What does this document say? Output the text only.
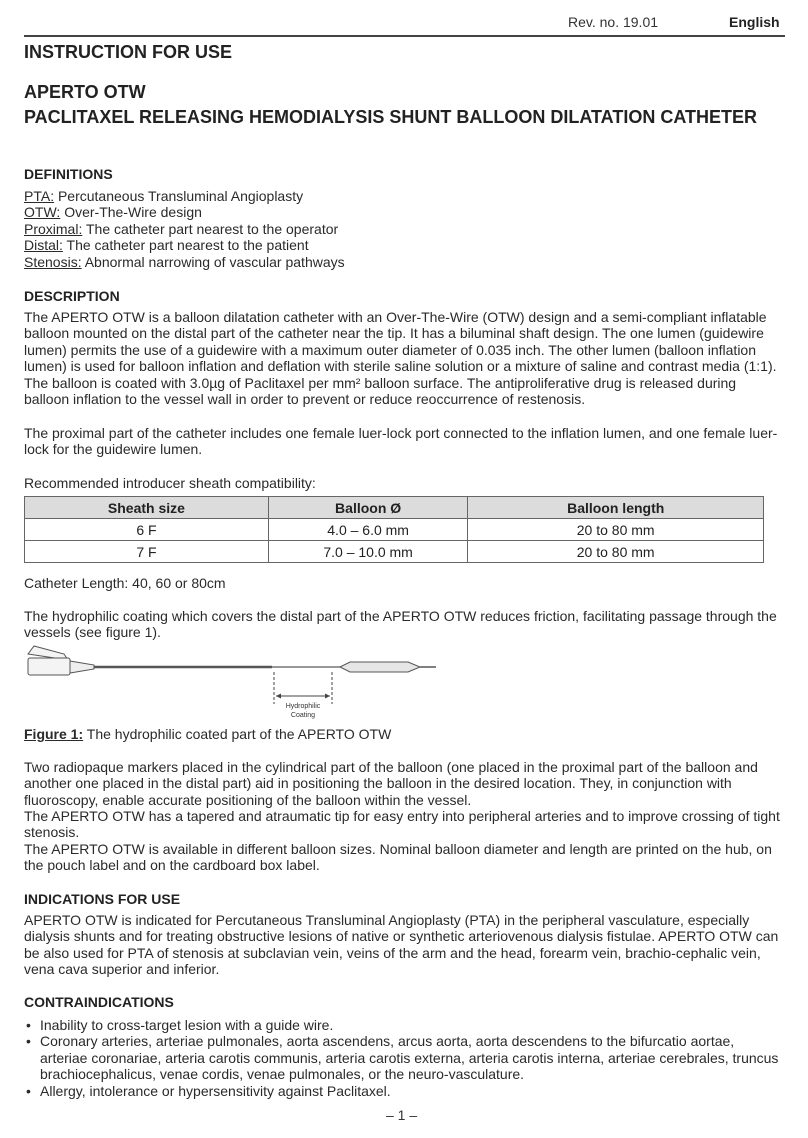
Rev. no. 19.01	English
INSTRUCTION FOR USE
APERTO OTW
PACLITAXEL RELEASING HEMODIALYSIS SHUNT BALLOON DILATATION CATHETER
DEFINITIONS
PTA: Percutaneous Transluminal Angioplasty
OTW: Over-The-Wire design
Proximal: The catheter part nearest to the operator
Distal: The catheter part nearest to the patient
Stenosis: Abnormal narrowing of vascular pathways
DESCRIPTION

The APERTO OTW is a balloon dilatation catheter with an Over-The-Wire (OTW) design and a semi-compliant inflatable balloon mounted on the distal part of the catheter near the tip. It has a biluminal shaft design. The one lumen (guidewire lumen) permits the use of a guidewire with a maximum outer diameter of 0.035 inch. The other lumen (balloon inflation lumen) is used for balloon inflation and deflation with sterile saline solution or a mixture of saline and contrast media (1:1). The balloon is coated with 3.0µg of Paclitaxel per mm² balloon surface. The antiproliferative drug is released during balloon inflation to the vessel wall in order to prevent or reduce reoccurrence of restenosis.

The proximal part of the catheter includes one female luer-lock port connected to the inflation lumen, and one female luer-lock for the guidewire lumen.

Recommended introducer sheath compatibility:

Sheath size	Balloon Ø	Balloon length
6 F	4.0 – 6.0 mm	20 to 80 mm
7 F	7.0 – 10.0 mm	20 to 80 mm

Catheter Length: 40, 60 or 80cm

The hydrophilic coating which covers the distal part of the APERTO OTW reduces friction, facilitating passage through the vessels (see figure 1).

Hydrophilic
Coating

Figure 1: The hydrophilic coated part of the APERTO OTW

Two radiopaque markers placed in the cylindrical part of the balloon (one placed in the proximal part of the balloon and another one placed in the distal part) aid in positioning the balloon in the desired location. They, in conjunction with fluoroscopy, enable accurate positioning of the balloon within the vessel.

The APERTO OTW has a tapered and atraumatic tip for easy entry into peripheral arteries and to improve crossing of tight stenosis.

The APERTO OTW is available in different balloon sizes. Nominal balloon diameter and length are printed on the hub, on the pouch label and on the cardboard box label.

INDICATIONS FOR USE

APERTO OTW is indicated for Percutaneous Transluminal Angioplasty (PTA) in the peripheral vasculature, especially dialysis shunts and for treating obstructive lesions of native or synthetic arteriovenous dialysis fistulae. APERTO OTW can be also used for PTA of stenosis at subclavian vein, veins of the arm and the head, forearm vein, brachio-cephalic vein, vena cava superior and inferior.

CONTRAINDICATIONS
• Inability to cross-target lesion with a guide wire.
• Coronary arteries, arteriae pulmonales, aorta ascendens, arcus aorta, aorta descendens to the bifurcatio aortae, arteriae coronariae, arteria carotis communis, arteria carotis externa, arteria carotis interna, arteriae cerebrales, truncus brachiocephalicus, venae cordis, venae pulmonales, or the neuro-vasculature.
• Allergy, intolerance or hypersensitivity against Paclitaxel.
– 1 –
